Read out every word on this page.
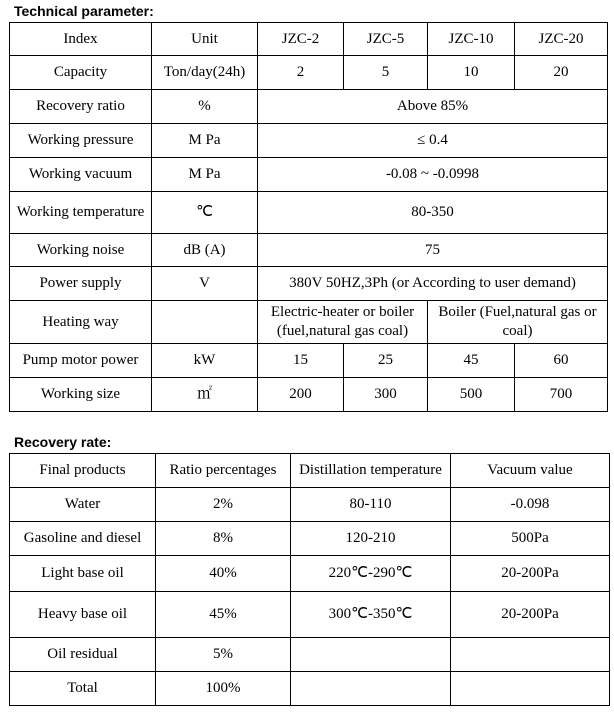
Technical parameter:
Index	Unit	JZC-2	JZC-5	JZC-10	JZC-20
Capacity	Ton/day(24h)	2	5	10	20
Recovery ratio	%	Above 85%			
Working pressure	M Pa	≤ 0.4			
Working vacuum	M Pa	-0.08 ~ -0.0998			
Working temperature	℃	80-350			
Working noise	dB (A)	75			
Power supply	V	380V 50HZ,3Ph (or According to user demand)			
Heating way		Electric-heater or boiler (fuel,natural gas coal)		Boiler (Fuel,natural gas or coal)	
Pump motor power	kW	15	25	45	60
Working size	㎡	200	300	500	700
Recovery rate:
Final products	Ratio percentages	Distillation temperature	Vacuum value
Water	2%	80-110	-0.098
Gasoline and diesel	8%	120-210	500Pa
Light base oil	40%	220℃-290℃	20-200Pa
Heavy base oil	45%	300℃-350℃	20-200Pa
Oil residual	5%		
Total	100%		
